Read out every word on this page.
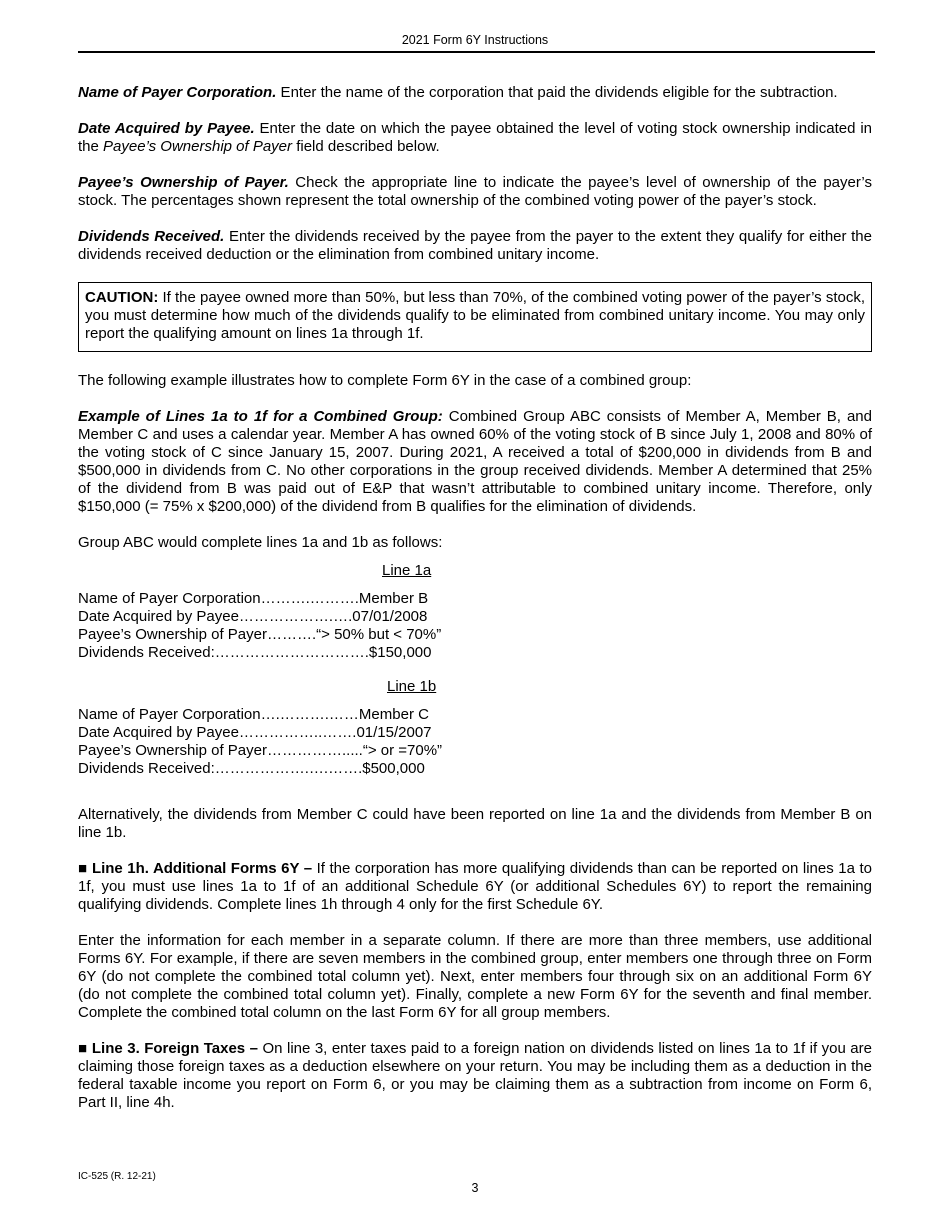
2021 Form 6Y Instructions

Name of Payer Corporation. Enter the name of the corporation that paid the dividends eligible for the subtraction.

Date Acquired by Payee. Enter the date on which the payee obtained the level of voting stock ownership indicated in the Payee’s Ownership of Payer field described below.

Payee’s Ownership of Payer. Check the appropriate line to indicate the payee’s level of ownership of the payer’s stock. The percentages shown represent the total ownership of the combined voting power of the payer’s stock.

Dividends Received. Enter the dividends received by the payee from the payer to the extent they qualify for either the dividends received deduction or the elimination from combined unitary income.

CAUTION: If the payee owned more than 50%, but less than 70%, of the combined voting power of the payer’s stock, you must determine how much of the dividends qualify to be eliminated from combined unitary income. You may only report the qualifying amount on lines 1a through 1f.

The following example illustrates how to complete Form 6Y in the case of a combined group:

Example of Lines 1a to 1f for a Combined Group: Combined Group ABC consists of Member A, Member B, and Member C and uses a calendar year. Member A has owned 60% of the voting stock of B since July 1, 2008 and 80% of the voting stock of C since January 15, 2007. During 2021, A received a total of $200,000 in dividends from B and $500,000 in dividends from C. No other corporations in the group received dividends. Member A determined that 25% of the dividend from B was paid out of E&P that wasn’t attributable to combined unitary income. Therefore, only $150,000 (= 75% x $200,000) of the dividend from B qualifies for the elimination of dividends.

Group ABC would complete lines 1a and 1b as follows:

Line 1a
Name of Payer Corporation……….……….Member B
Date Acquired by Payee……………….….07/01/2008
Payee’s Ownership of Payer……….“> 50% but < 70%”
Dividends Received:………………………….$150,000
Line 1b
Name of Payer Corporation….……….……Member C
Date Acquired by Payee……………..…….01/15/2007
Payee’s Ownership of Payer…………….....“> or =70%”
Dividends Received:……………….….…….$500,000

Alternatively, the dividends from Member C could have been reported on line 1a and the dividends from Member B on line 1b.

■ Line 1h. Additional Forms 6Y – If the corporation has more qualifying dividends than can be reported on lines 1a to 1f, you must use lines 1a to 1f of an additional Schedule 6Y (or additional Schedules 6Y) to report the remaining qualifying dividends. Complete lines 1h through 4 only for the first Schedule 6Y.

Enter the information for each member in a separate column. If there are more than three members, use additional Forms 6Y. For example, if there are seven members in the combined group, enter members one through three on Form 6Y (do not complete the combined total column yet). Next, enter members four through six on an additional Form 6Y (do not complete the combined total column yet). Finally, complete a new Form 6Y for the seventh and final member. Complete the combined total column on the last Form 6Y for all group members.

■ Line 3. Foreign Taxes – On line 3, enter taxes paid to a foreign nation on dividends listed on lines 1a to 1f if you are claiming those foreign taxes as a deduction elsewhere on your return. You may be including them as a deduction in the federal taxable income you report on Form 6, or you may be claiming them as a subtraction from income on Form 6, Part II, line 4h.

IC-525 (R. 12-21)
3
